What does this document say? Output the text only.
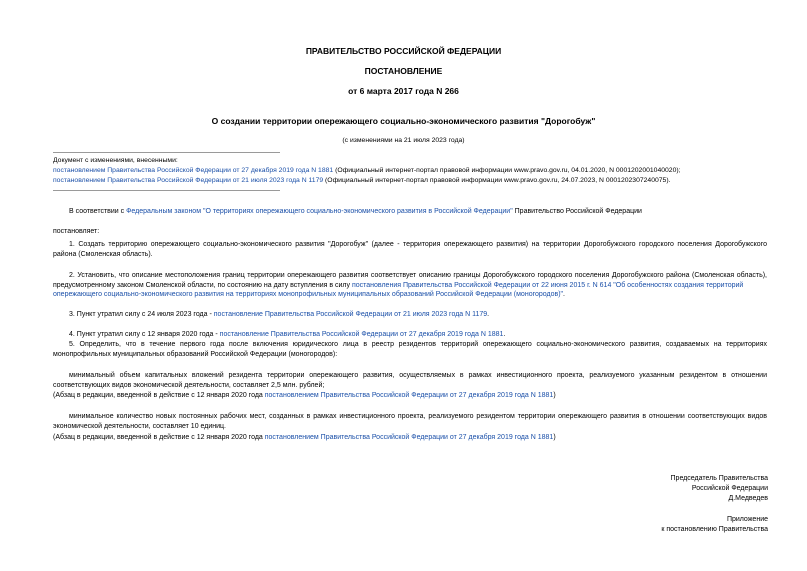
ПРАВИТЕЛЬСТВО РОССИЙСКОЙ ФЕДЕРАЦИИ
ПОСТАНОВЛЕНИЕ
от 6 марта 2017 года N 266
О создании территории опережающего социально-экономического развития "Дорогобуж"
(с изменениями на 21 июля 2023 года)
Документ с изменениями, внесенными:
постановлением Правительства Российской Федерации от 27 декабря 2019 года N 1881 (Официальный интернет-портал правовой информации www.pravo.gov.ru, 04.01.2020, N 0001202001040020);
постановлением Правительства Российской Федерации от 21 июля 2023 года N 1179 (Официальный интернет-портал правовой информации www.pravo.gov.ru, 24.07.2023, N 0001202307240075).
В соответствии с Федеральным законом "О территориях опережающего социально-экономического развития в Российской Федерации" Правительство Российской Федерации
постановляет:
1. Создать территорию опережающего социально-экономического развития "Дорогобуж" (далее - территория опережающего развития) на территории Дорогобужского городского поселения Дорогобужского
района (Смоленская область).
2. Установить, что описание местоположения границ территории опережающего развития соответствует описанию границы Дорогобужского городского поселения Дорогобужского района (Смоленская область),
предусмотренному законом Смоленской области, по состоянию на дату вступления в силу постановления Правительства Российской Федерации от 22 июня 2015 г. N 614 "Об особенностях создания территорий
опережающего социально-экономического развития на территориях монопрофильных муниципальных образований Российской Федерации (моногородов)".
3. Пункт утратил силу с 24 июля 2023 года - постановление Правительства Российской Федерации от 21 июля 2023 года N 1179.
4. Пункт утратил силу с 12 января 2020 года - постановление Правительства Российской Федерации от 27 декабря 2019 года N 1881.
5. Определить, что в течение первого года после включения юридического лица в реестр резидентов территорий опережающего социально-экономического развития, создаваемых на территориях
монопрофильных муниципальных образований Российской Федерации (моногородов):
минимальный объем капитальных вложений резидента территории опережающего развития, осуществляемых в рамках инвестиционного проекта, реализуемого указанным резидентом в отношении
соответствующих видов экономической деятельности, составляет 2,5 млн. рублей;
(Абзац в редакции, введенной в действие с 12 января 2020 года постановлением Правительства Российской Федерации от 27 декабря 2019 года N 1881)
минимальное количество новых постоянных рабочих мест, созданных в рамках инвестиционного проекта, реализуемого резидентом территории опережающего развития в отношении соответствующих видов
экономической деятельности, составляет 10 единиц.
(Абзац в редакции, введенной в действие с 12 января 2020 года постановлением Правительства Российской Федерации от 27 декабря 2019 года N 1881)
Председатель Правительства
Российской Федерации
Д.Медведев
Приложение
к постановлению Правительства
